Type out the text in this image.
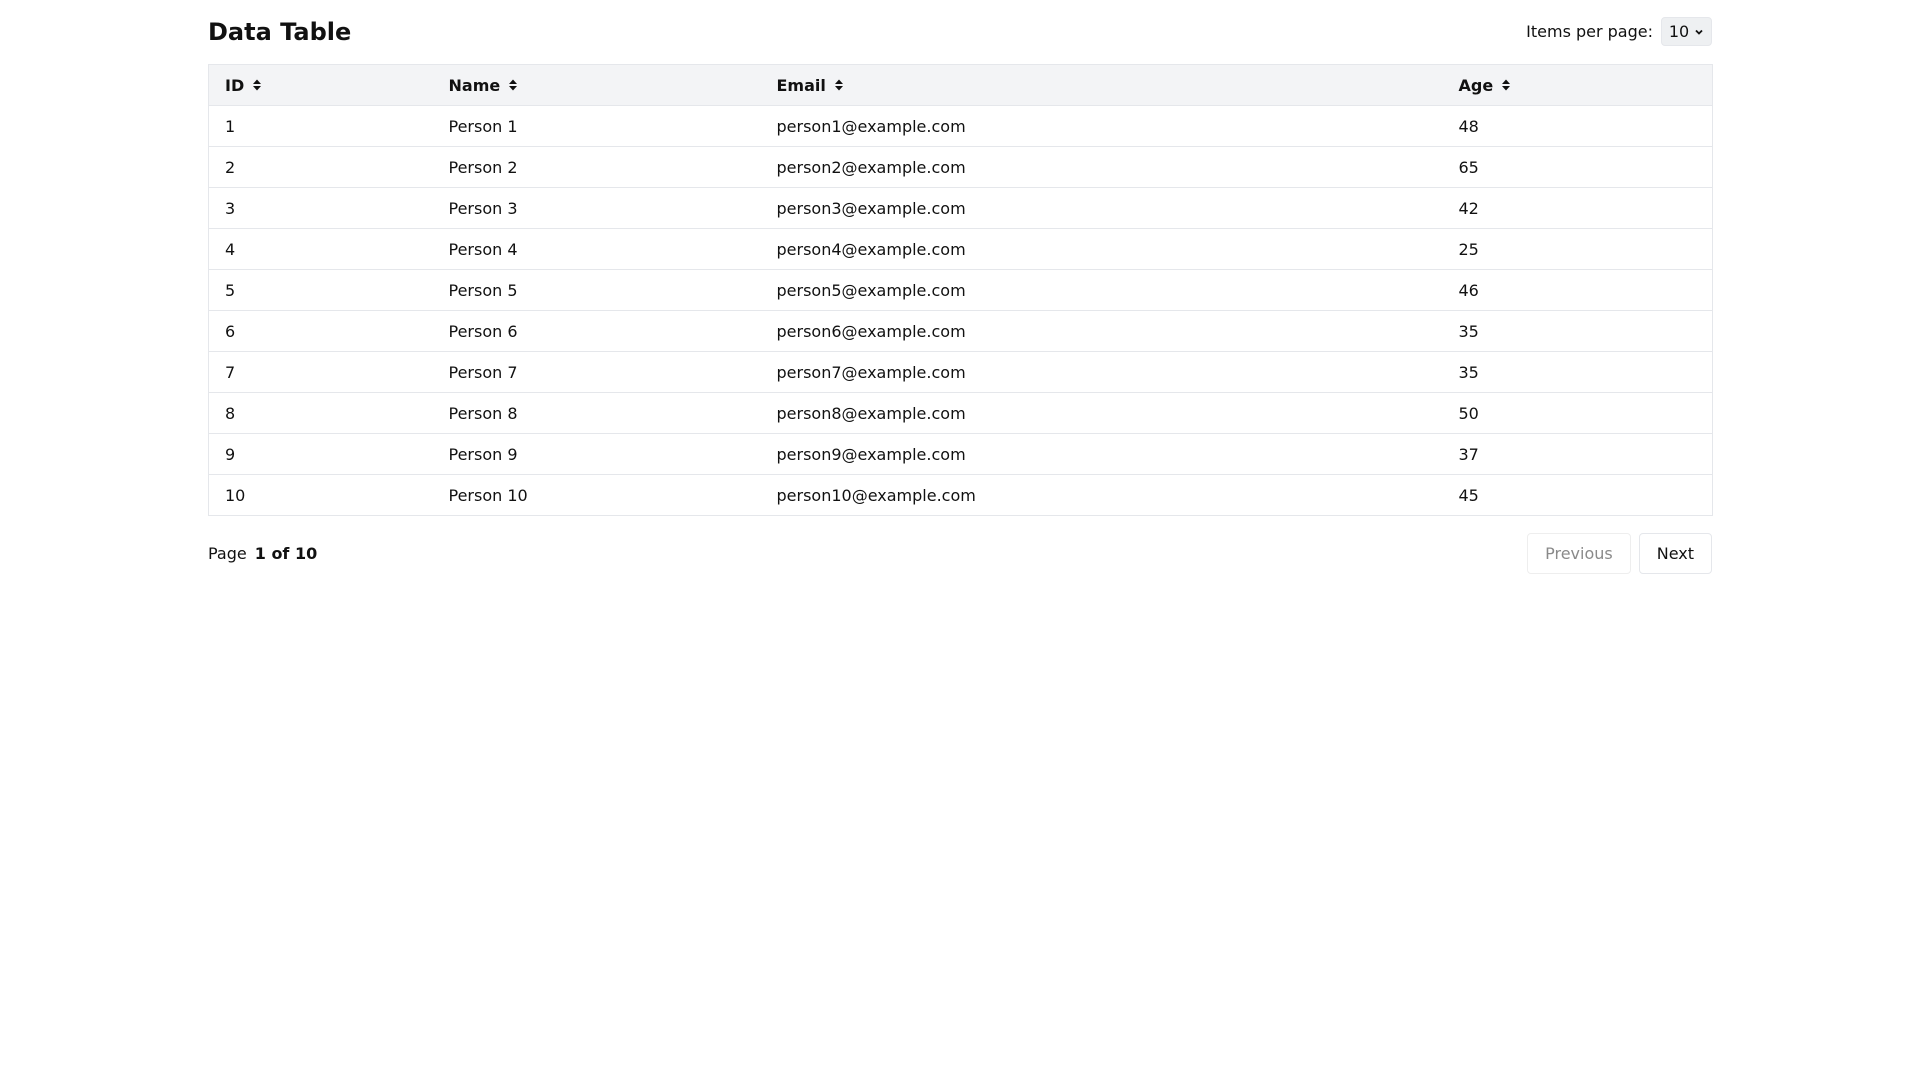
Data Table	Items per page: 10
ID	Name	Email	Age

1	Person 1	person1@example.com	48
2	Person 2	person2@example.com	65
3	Person 3	person3@example.com	42
4	Person 4	person4@example.com	25
5	Person 5	person5@example.com	46
6	Person 6	person6@example.com	35
7	Person 7	person7@example.com	35
8	Person 8	person8@example.com	50
9	Person 9	person9@example.com	37
10	Person 10	person10@example.com	45
Page 1 of 10	Previous	Next
